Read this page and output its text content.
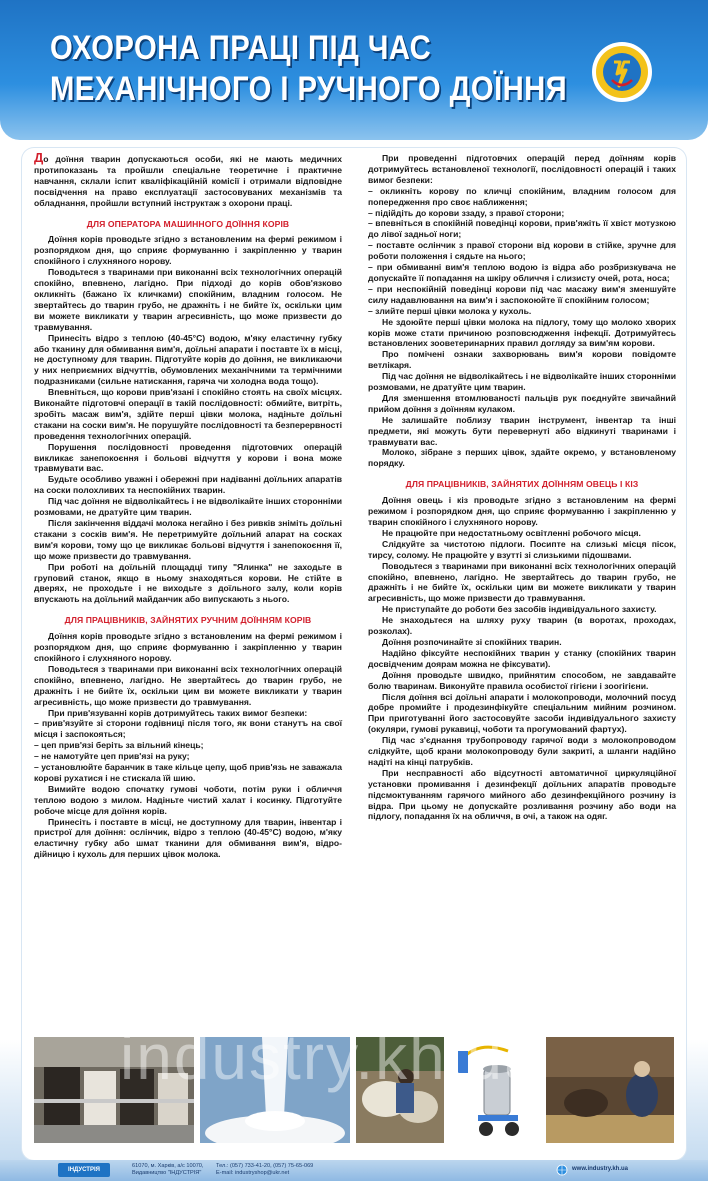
ОХОРОНА ПРАЦІ ПІД ЧАС
МЕХАНІЧНОГО І РУЧНОГО ДОЇННЯ

До доїння тварин допускаються особи, які не мають медичних протипоказань та пройшли спеціальне теоретичне і практичне навчання, склали іспит кваліфікаційній комісії і отримали відповідне посвідчення на право експлуатації застосовуваних механізмів та обладнання, пройшли вступний інструктаж з охорони праці.

ДЛЯ ОПЕРАТОРА МАШИННОГО ДОЇННЯ КОРІВ

Доїння корів проводьте згідно з встановленим на фермі режимом і розпорядком дня, що сприяє формуванню і закріпленню у тварин спокійного і слухняного норову.

Поводьтеся з тваринами при виконанні всіх технологічних операцій спокійно, впевнено, лагідно. При підході до корів обов'язково окликніть (бажано їх кличками) спокійним, владним голосом. Не звертайтесь до тварин грубо, не дражніть і не бийте їх, оскільки цим ви можете викликати у тварин агресивність, що може призвести до травмування.

Принесіть відро з теплою (40-45°С) водою, м'яку еластичну губку або тканину для обмивання вим'я, доїльні апарати і поставте їх в місці, не доступному для тварин. Підготуйте корів до доїння, не викликаючи у них неприємних відчуттів, обумовлених механічними та термічними подразниками (сильне натискання, гаряча чи холодна вода тощо).

Впевніться, що корови прив'язані і спокійно стоять на своїх місцях. Виконайте підготовчі операції в такій послідовності: обмийте, витріть, зробіть масаж вим'я, здійте перші цівки молока, надіньте доїльні стакани на соски вим'я. Не порушуйте послідовності та безперервності проведення технологічних операцій.

Порушення послідовності проведення підготовчих операцій викликає занепокоєння і больові відчуття у корови і вона може травмувати вас.

Будьте особливо уважні і обережні при надіванні доїльних апаратів на соски полохливих та неспокійних тварин.

Під час доїння не відволікайтесь і не відволікайте інших сторонніми розмовами, не дратуйте цим тварин.

Після закінчення віддачі молока негайно і без ривків зніміть доїльні стакани з сосків вим'я. Не перетримуйте доїльний апарат на сосках вим'я корови, тому що це викликає больові відчуття і занепокоєння її, що може призвести до травмування.

При роботі на доїльній площадці типу "Ялинка" не заходьте в груповий станок, якщо в ньому знаходяться корови. Не стійте в дверях, не проходьте і не виходьте з доїльного залу, коли корів впускають на доїльний майданчик або випускають з нього.

ДЛЯ ПРАЦІВНИКІВ, ЗАЙНЯТИХ РУЧНИМ ДОЇННЯМ КОРІВ

Доїння корів проводьте згідно з встановленим на фермі режимом і розпорядком дня, що сприяє формуванню і закріпленню у тварин спокійного і слухняного норову.

Поводьтеся з тваринами при виконанні всіх технологічних операцій спокійно, впевнено, лагідно. Не звертайтесь до тварин грубо, не дражніть і не бийте їх, оскільки цим ви можете викликати у тварин агресивність, що може призвести до травмування.

При прив'язуванні корів дотримуйтесь таких вимог безпеки:

– прив'язуйте зі сторони годівниці після того, як вони станутъ на свої місця і заспокояться;

– цеп прив'язі беріть за вільний кінець;

– не намотуйте цеп прив'язі на руку;

– установлюйте баранчик в таке кільце цепу, щоб прив'язь не заважала корові рухатися і не стискала їй шию.

Вимийте водою спочатку гумові чоботи, потім руки і обличчя теплою водою з милом. Надіньте чистий халат і косинку. Підготуйте робоче місце для доїння корів.

Принесіть і поставте в місці, не доступному для тварин, інвентар і пристрої для доїння: ослінчик, відро з теплою (40-45°С) водою, м'яку еластичну губку або шмат тканини для обмивання вим'я, відро-дійницю і кухоль для перших цівок молока.

При проведенні підготовчих операцій перед доїнням корів дотримуйтесь встановленої технології, послідовності операцій і таких вимог безпеки:

– окликніть корову по кличці спокійним, владним голосом для попередження про своє наближення;

– підійдіть до корови ззаду, з правої сторони;

– впевніться в спокійній поведінці корови, прив'яжіть її хвіст мотузкою до лівої задньої ноги;

– поставте ослінчик з правої сторони від корови в стійке, зручне для роботи положення і сядьте на нього;

– при обмиванні вим'я теплою водою із відра або розбризкувача не допускайте її попадання на шкіру обличчя і слизисту очей, рота, носа;

– при неспокійній поведінці корови під час масажу вим'я зменшуйте силу надавлювання на вим'я і заспокоюйте її спокійним голосом;

– злийте перші цівки молока у кухоль.

Не здоюйте перші цівки молока на підлогу, тому що молоко хворих корів може стати причиною розповсюдження інфекції. Дотримуйтесь встановлених зооветеринарних правил догляду за вим'ям корови.

Про помічені ознаки захворювань вим'я корови повідомте ветлікаря.

Під час доїння не відволікайтесь і не відволікайте інших сторонніми розмовами, не дратуйте цим тварин.

Для зменшення втомлюваності пальців рук поєднуйте звичайний прийом доїння з доїнням кулаком.

Не залишайте поблизу тварин інструмент, інвентар та інші предмети, які можуть бути перевернуті або відкинуті тваринами і травмувати вас.

Молоко, зібране з перших цівок, здайте окремо, у встановленому порядку.

ДЛЯ ПРАЦІВНИКІВ, ЗАЙНЯТИХ ДОЇННЯМ ОВЕЦЬ І КІЗ

Доїння овець і кіз проводьте згідно з встановленим на фермі режимом і розпорядком дня, що сприяє формуванню і закріпленню у тварин спокійного і слухняного норову.

Не працюйте при недостатньому освітленні робочого місця.

Слідкуйте за чистотою підлоги. Посипте на слизькі місця пісок, тирсу, солому. Не працюйте у взутті зі слизькими підошвами.

Поводьтеся з тваринами при виконанні всіх технологічних операцій спокійно, впевнено, лагідно. Не звертайтесь до тварин грубо, не дражніть і не бийте їх, оскільки цим ви можете викликати у тварин агресивність, що може призвести до травмування.

Не приступайте до роботи без засобів індивідуального захисту.

Не знаходьтеся на шляху руху тварин (в воротах, проходах, розколах).

Доїння розпочинайте зі спокійних тварин.

Надійно фіксуйте неспокійних тварин у станку (спокійних тварин досвідченим доярам можна не фіксувати).

Доїння проводьте швидко, прийнятим способом, не завдавайте болю тваринам. Виконуйте правила особистої гігієни і зоогігієни.

Після доїння всі доїльні апарати і молокопроводи, молочний посуд добре промийте і продезинфікуйте спеціальним мийним розчином. При приготуванні його застосовуйте засоби індивідуального захисту (окуляри, гумові рукавиці, чоботи та прогумований фартух).

Під час з'єднання трубопроводу гарячої води з молокопроводом слідкуйте, щоб крани молокопроводу були закриті, а шланги надійно надіті на кінці патрубків.

При несправності або відсутності автоматичної циркуляційної установки промивання і дезинфекції доїльних апаратів проводьте підсмоктуванням гарячого мийного або дезинфекційного розчину із відра. При цьому не допускайте розливання розчину або води на підлогу, попадання їх на обличчя, в очі, а також на одяг.

industry.kh.ua
ІНДУСТРІЯ
61070, м. Харків, а/с 10070,
Видавництво "ІНДУСТРІЯ"
Тел.: (057) 733-41-20, (057) 75-65-069
E-mail: industryshop@ukr.net
www.industry.kh.ua
